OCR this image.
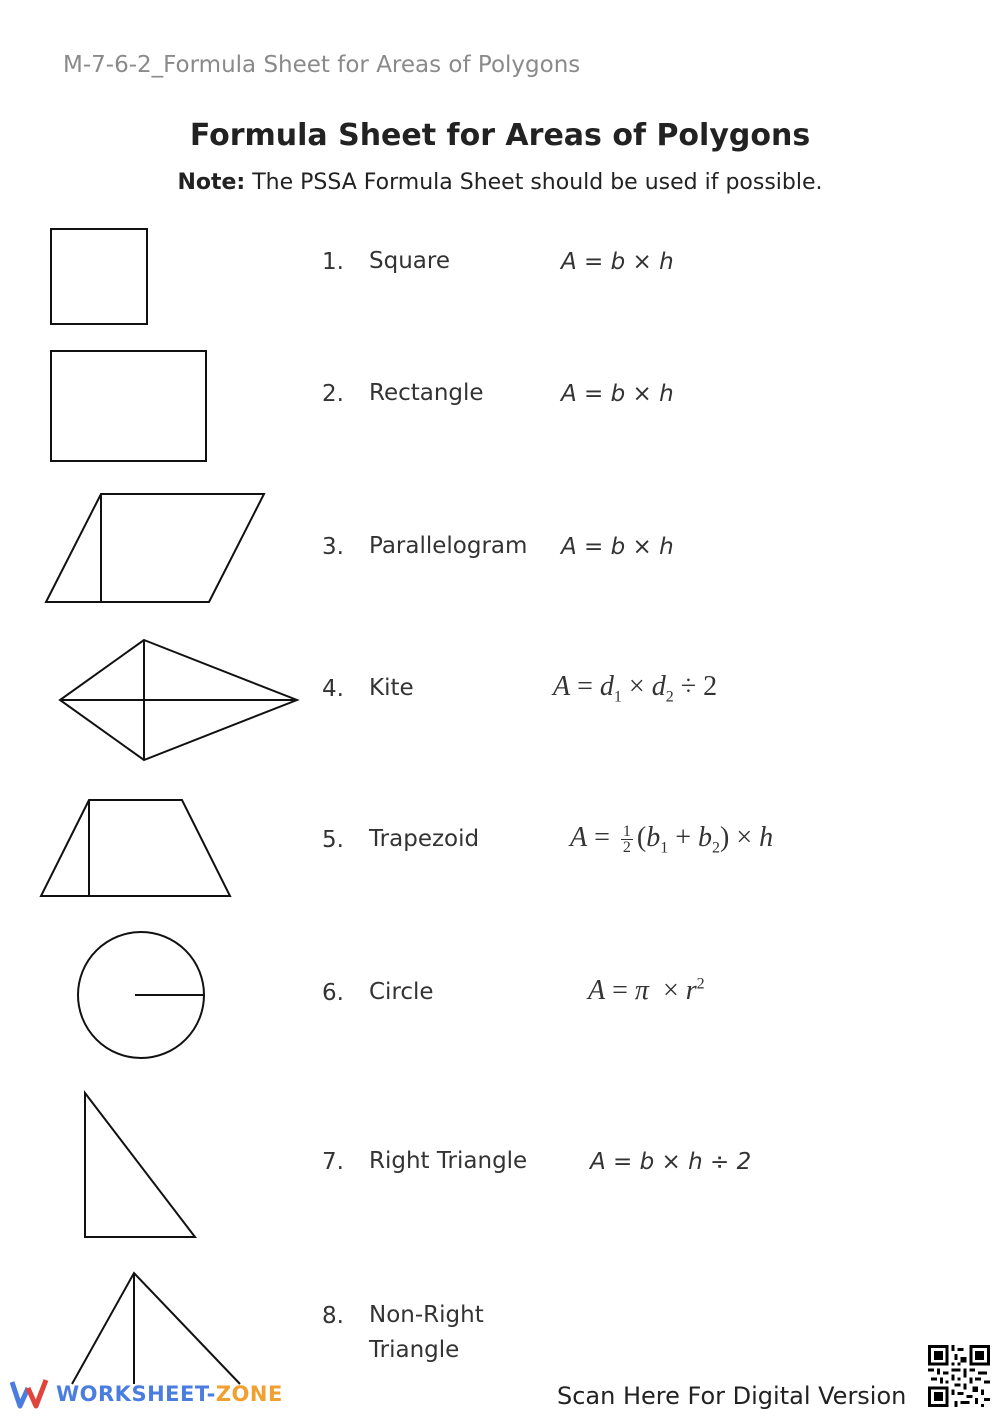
M-7-6-2_Formula Sheet for Areas of Polygons
Formula Sheet for Areas of Polygons
Note: The PSSA Formula Sheet should be used if possible.
1. Square	A = b × h
2. Rectangle	A = b × h
3. Parallelogram A = b × h
4. Kite	$A = d_1 \times d_2 \div 2$
5. Trapezoid	$A = \frac{1}{2} (b_1 + b_2) \times h$
6. Circle	$A = \pi \times r^2$
7. Right Triangle	A = b × h ÷ 2
8. Non-Right
Triangle
WORKSHEET-ZONE	Scan Here For Digital Version
